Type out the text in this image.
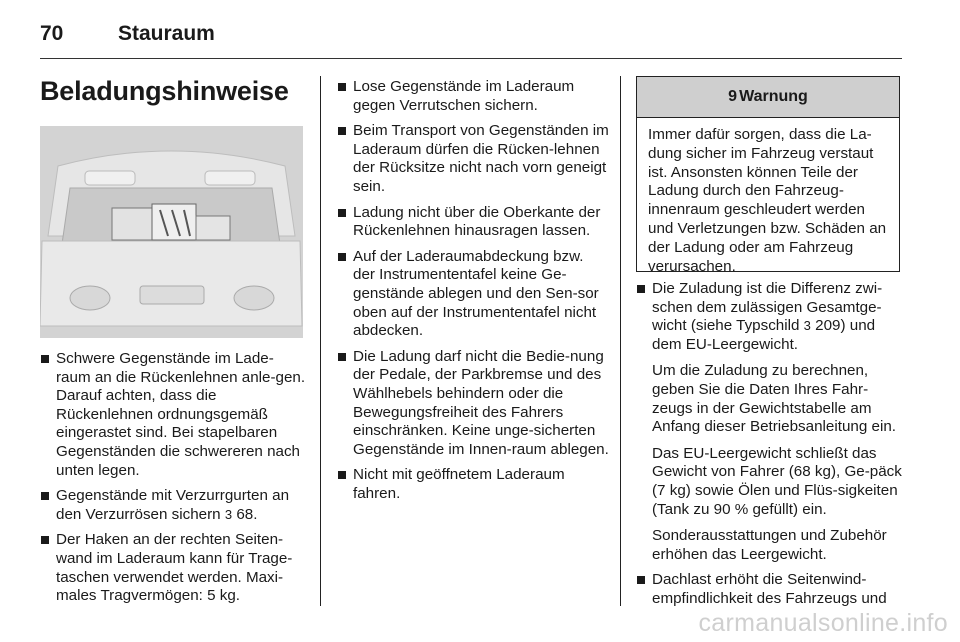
70	Stauraum
Beladungshinweise
Schwere Gegenstände im Lade-raum an die Rückenlehnen anle-gen. Darauf achten, dass die Rückenlehnen ordnungsgemäß eingerastet sind. Bei stapelbaren Gegenständen die schwereren nach unten legen.
Gegenstände mit Verzurrgurten an den Verzurrösen sichern 3 68.
Der Haken an der rechten Seiten-wand im Laderaum kann für Trage-taschen verwendet werden. Maxi-males Tragvermögen: 5 kg.
Lose Gegenstände im Laderaum gegen Verrutschen sichern.
Beim Transport von Gegenständen im Laderaum dürfen die Rücken-lehnen der Rücksitze nicht nach vorn geneigt sein.
Ladung nicht über die Oberkante der Rückenlehnen hinausragen lassen.
Auf der Laderaumabdeckung bzw. der Instrumententafel keine Ge-genstände ablegen und den Sen-sor oben auf der Instrumententafel nicht abdecken.
Die Ladung darf nicht die Bedie-nung der Pedale, der Parkbremse und des Wählhebels behindern oder die Bewegungsfreiheit des Fahrers einschränken. Keine unge-sicherten Gegenstände im Innen-raum ablegen.
Nicht mit geöffnetem Laderaum fahren.
9 Warnung
Immer dafür sorgen, dass die La-dung sicher im Fahrzeug verstaut ist. Ansonsten können Teile der Ladung durch den Fahrzeug-innenraum geschleudert werden und Verletzungen bzw. Schäden an der Ladung oder am Fahrzeug verursachen.
Die Zuladung ist die Differenz zwi-schen dem zulässigen Gesamtge-wicht (siehe Typschild 3 209) und dem EU-Leergewicht.
Um die Zuladung zu berechnen, geben Sie die Daten Ihres Fahr-zeugs in der Gewichtstabelle am Anfang dieser Betriebsanleitung ein.
Das EU-Leergewicht schließt das Gewicht von Fahrer (68 kg), Ge-päck (7 kg) sowie Ölen und Flüs-sigkeiten (Tank zu 90 % gefüllt) ein.
Sonderausstattungen und Zubehör erhöhen das Leergewicht.
Dachlast erhöht die Seitenwind-empfindlichkeit des Fahrzeugs und
carmanualsonline.info
